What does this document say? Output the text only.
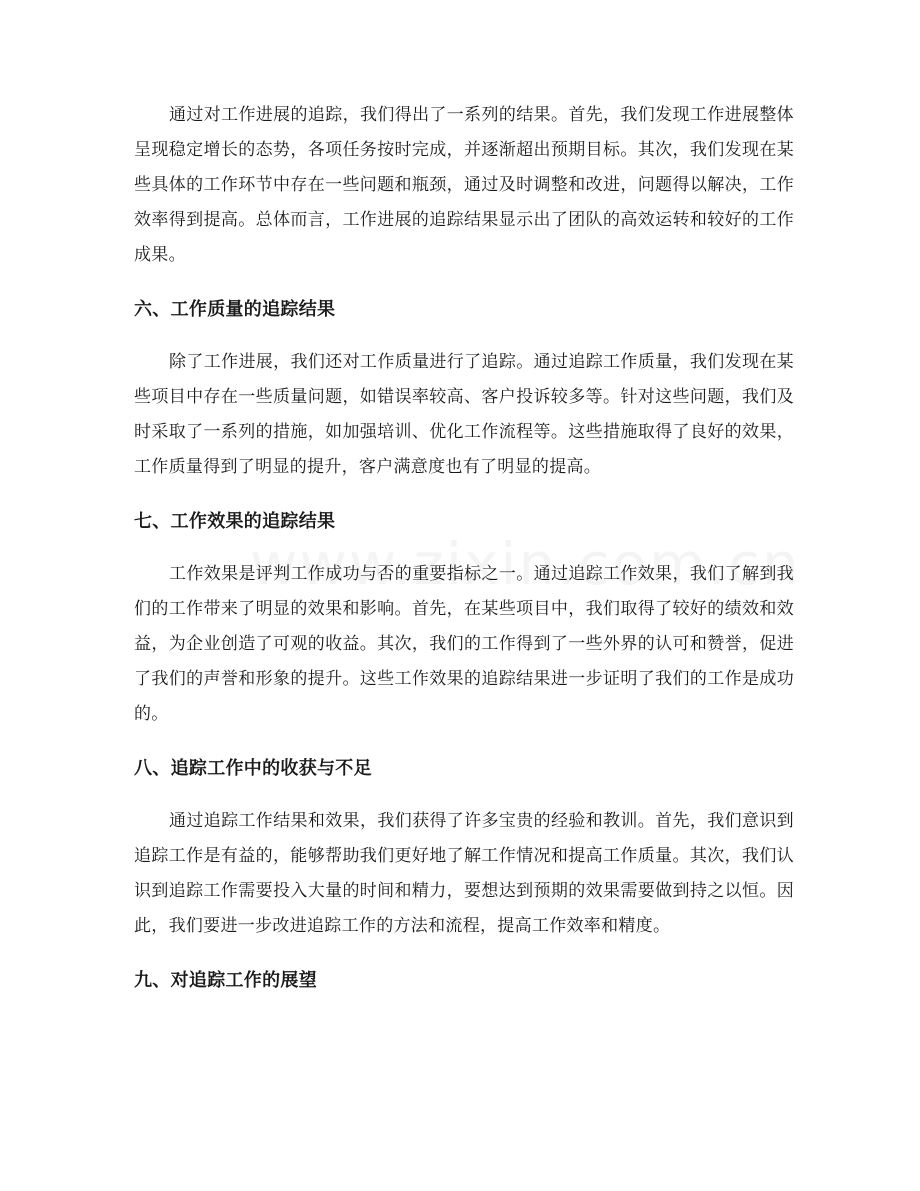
通过对工作进展的追踪，我们得出了一系列的结果。首先，我们发现工作进展整体呈现稳定增长的态势，各项任务按时完成，并逐渐超出预期目标。其次，我们发现在某些具体的工作环节中存在一些问题和瓶颈，通过及时调整和改进，问题得以解决，工作效率得到提高。总体而言，工作进展的追踪结果显示出了团队的高效运转和较好的工作成果。

六、工作质量的追踪结果

除了工作进展，我们还对工作质量进行了追踪。通过追踪工作质量，我们发现在某些项目中存在一些质量问题，如错误率较高、客户投诉较多等。针对这些问题，我们及时采取了一系列的措施，如加强培训、优化工作流程等。这些措施取得了良好的效果，工作质量得到了明显的提升，客户满意度也有了明显的提高。

七、工作效果的追踪结果

工作效果是评判工作成功与否的重要指标之一。通过追踪工作效果，我们了解到我们的工作带来了明显的效果和影响。首先，在某些项目中，我们取得了较好的绩效和效益，为企业创造了可观的收益。其次，我们的工作得到了一些外界的认可和赞誉，促进了我们的声誉和形象的提升。这些工作效果的追踪结果进一步证明了我们的工作是成功的。

八、追踪工作中的收获与不足

通过追踪工作结果和效果，我们获得了许多宝贵的经验和教训。首先，我们意识到追踪工作是有益的，能够帮助我们更好地了解工作情况和提高工作质量。其次，我们认识到追踪工作需要投入大量的时间和精力，要想达到预期的效果需要做到持之以恒。因此，我们要进一步改进追踪工作的方法和流程，提高工作效率和精度。

九、对追踪工作的展望
